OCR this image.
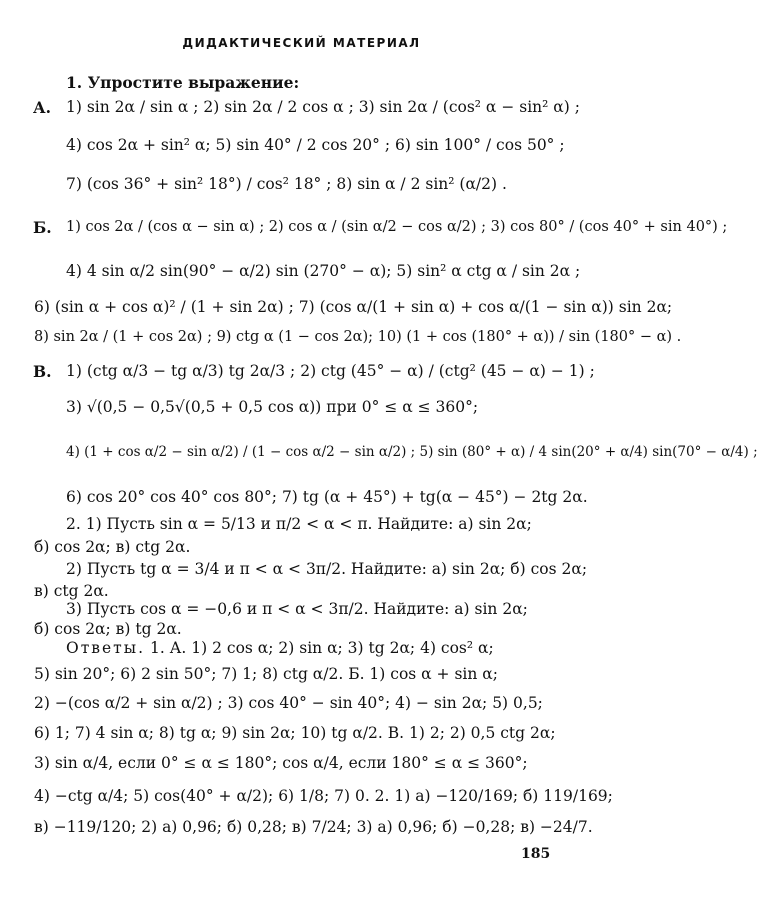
ДИДАКТИЧЕСКИЙ МАТЕРИАЛ
1. Упростите выражение:
А. 1) sin 2α / sin α ; 2) sin 2α / 2 cos α ; 3) sin 2α / (cos² α − sin² α) ;
4) cos 2α + sin² α; 5) sin 40° / 2 cos 20° ; 6) sin 100° / cos 50° ;
7) (cos 36° + sin² 18°) / cos² 18° ; 8) sin α / 2 sin² (α/2) .
Б. 1) cos 2α / (cos α − sin α) ; 2) cos α / (sin α/2 − cos α/2) ; 3) cos 80° / (cos 40° + sin 40°) ;
4) 4 sin α/2 sin(90° − α/2) sin (270° − α); 5) sin² α ctg α / sin 2α ;
6) (sin α + cos α)² / (1 + sin 2α) ; 7) (cos α/(1 + sin α) + cos α/(1 − sin α)) sin 2α;
8) sin 2α / (1 + cos 2α) ; 9) ctg α (1 − cos 2α); 10) (1 + cos (180° + α)) / sin (180° − α) .
В. 1) (ctg α/3 − tg α/3) tg 2α/3 ; 2) ctg (45° − α) / (ctg² (45 − α) − 1) ;
3) √(0,5 − 0,5√(0,5 + 0,5 cos α)) при 0° ≤ α ≤ 360°;
4) (1 + cos α/2 − sin α/2) / (1 − cos α/2 − sin α/2) ; 5) sin (80° + α) / 4 sin(20° + α/4) sin(70° − α/4) ;
6) cos 20° cos 40° cos 80°; 7) tg (α + 45°) + tg(α − 45°) − 2tg 2α.
2. 1) Пусть sin α = 5/13 и π/2 < α < π. Найдите: а) sin 2α;
б) cos 2α; в) ctg 2α.
2) Пусть tg α = 3/4 и π < α < 3π/2. Найдите: а) sin 2α; б) cos 2α;
в) ctg 2α.
3) Пусть cos α = −0,6 и π < α < 3π/2. Найдите: а) sin 2α;
б) cos 2α; в) tg 2α.
Ответы. 1. А. 1) 2 cos α; 2) sin α; 3) tg 2α; 4) cos² α;
5) sin 20°; 6) 2 sin 50°; 7) 1; 8) ctg α/2. Б. 1) cos α + sin α;
2) −(cos α/2 + sin α/2) ; 3) cos 40° − sin 40°; 4) − sin 2α; 5) 0,5;
6) 1; 7) 4 sin α; 8) tg α; 9) sin 2α; 10) tg α/2. В. 1) 2; 2) 0,5 ctg 2α;
3) sin α/4, если 0° ≤ α ≤ 180°; cos α/4, если 180° ≤ α ≤ 360°;
4) −ctg α/4; 5) cos(40° + α/2); 6) 1/8; 7) 0. 2. 1) а) −120/169; б) 119/169;
в) −119/120; 2) а) 0,96; б) 0,28; в) 7/24; 3) а) 0,96; б) −0,28; в) −24/7.
185
